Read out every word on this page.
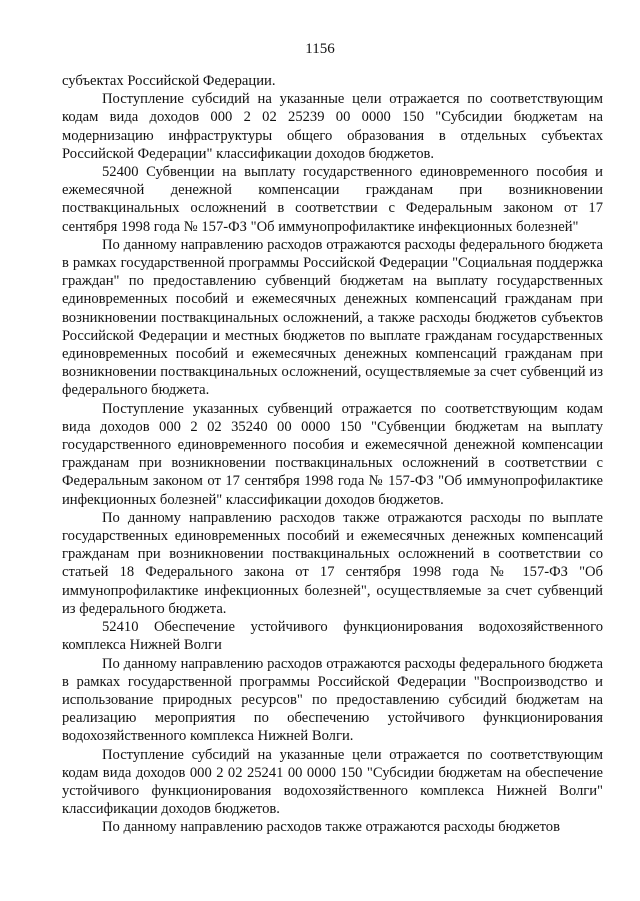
1156

субъектах Российской Федерации.

Поступление субсидий на указанные цели отражается по соответствующим кодам вида доходов 000 2 02 25239 00 0000 150 "Субсидии бюджетам на модернизацию инфраструктуры общего образования в отдельных субъектах Российской Федерации" классификации доходов бюджетов.

52400 Субвенции на выплату государственного единовременного пособия и ежемесячной денежной компенсации гражданам при возникновении поствакцинальных осложнений в соответствии с Федеральным законом от 17 сентября 1998 года № 157-ФЗ "Об иммунопрофилактике инфекционных болезней"

По данному направлению расходов отражаются расходы федерального бюджета в рамках государственной программы Российской Федерации "Социальная поддержка граждан" по предоставлению субвенций бюджетам на выплату государственных единовременных пособий и ежемесячных денежных компенсаций гражданам при возникновении поствакцинальных осложнений, а также расходы бюджетов субъектов Российской Федерации и местных бюджетов по выплате гражданам государственных единовременных пособий и ежемесячных денежных компенсаций гражданам при возникновении поствакцинальных осложнений, осуществляемые за счет субвенций из федерального бюджета.

Поступление указанных субвенций отражается по соответствующим кодам вида доходов 000 2 02 35240 00 0000 150 "Субвенции бюджетам на выплату государственного единовременного пособия и ежемесячной денежной компенсации гражданам при возникновении поствакцинальных осложнений в соответствии с Федеральным законом от 17 сентября 1998 года № 157-ФЗ "Об иммунопрофилактике инфекционных болезней" классификации доходов бюджетов.

По данному направлению расходов также отражаются расходы по выплате государственных единовременных пособий и ежемесячных денежных компенсаций гражданам при возникновении поствакцинальных осложнений в соответствии со статьей 18 Федерального закона от 17 сентября 1998 года № 157-ФЗ "Об иммунопрофилактике инфекционных болезней", осуществляемые за счет субвенций из федерального бюджета.

52410 Обеспечение устойчивого функционирования водохозяйственного комплекса Нижней Волги

По данному направлению расходов отражаются расходы федерального бюджета в рамках государственной программы Российской Федерации "Воспроизводство и использование природных ресурсов" по предоставлению субсидий бюджетам на реализацию мероприятия по обеспечению устойчивого функционирования водохозяйственного комплекса Нижней Волги.

Поступление субсидий на указанные цели отражается по соответствующим кодам вида доходов 000 2 02 25241 00 0000 150 "Субсидии бюджетам на обеспечение устойчивого функционирования водохозяйственного комплекса Нижней Волги" классификации доходов бюджетов.

По данному направлению расходов также отражаются расходы бюджетов
